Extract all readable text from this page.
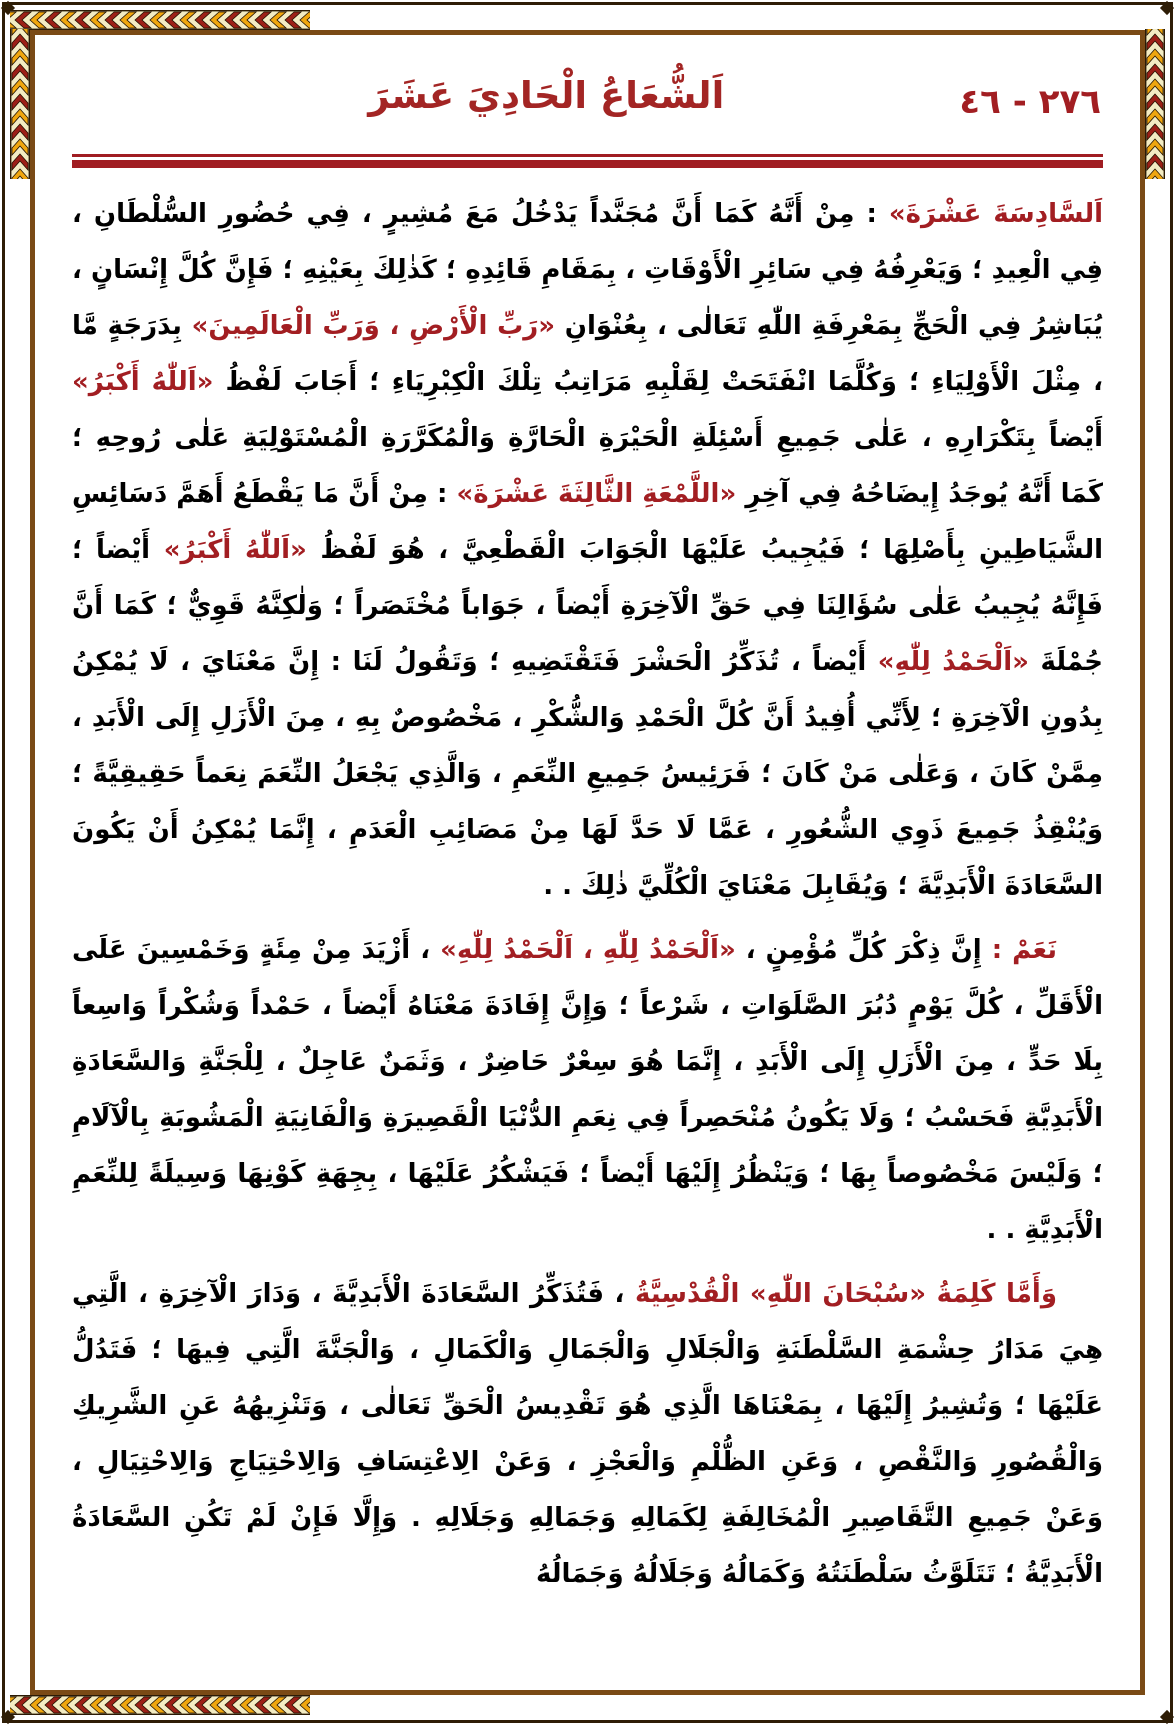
٢٧٦ - ٤٦
اَلشُّعَاعُ الْحَادِيَ عَشَرَ

اَلسَّادِسَةَ عَشْرَةَ» : مِنْ أَنَّهُ كَمَا أَنَّ مُجَنَّداً يَدْخُلُ مَعَ مُشِيرٍ ، فِي حُضُورِ السُّلْطَانِ ، فِي الْعِيدِ ؛ وَيَعْرِفُهُ فِي سَائِرِ الْأَوْقَاتِ ، بِمَقَامِ قَائِدِهِ ؛ كَذٰلِكَ بِعَيْنِهِ ؛ فَإِنَّ كُلَّ إِنْسَانٍ ، يُبَاشِرُ فِي الْحَجِّ بِمَعْرِفَةِ اللّٰهِ تَعَالٰى ، بِعُنْوَانِ «رَبِّ الْأَرْضِ ، وَرَبِّ الْعَالَمِينَ» بِدَرَجَةٍ مَّا ، مِثْلَ الْأَوْلِيَاءِ ؛ وَكُلَّمَا انْفَتَحَتْ لِقَلْبِهِ مَرَاتِبُ تِلْكَ الْكِبْرِيَاءِ ؛ أَجَابَ لَفْظُ «اَللّٰهُ أَكْبَرُ» أَيْضاً بِتَكْرَارِهِ ، عَلٰى جَمِيعِ أَسْئِلَةِ الْحَيْرَةِ الْحَارَّةِ وَالْمُكَرَّرَةِ الْمُسْتَوْلِيَةِ عَلٰى رُوحِهِ ؛ كَمَا أَنَّهُ يُوجَدُ إِيضَاحُهُ فِي آخِرِ «اللَّمْعَةِ الثَّالِثَةَ عَشْرَةَ» : مِنْ أَنَّ مَا يَقْطَعُ أَهَمَّ دَسَائِسِ الشَّيَاطِينِ بِأَصْلِهَا ؛ فَيُجِيبُ عَلَيْهَا الْجَوَابَ الْقَطْعِيَّ ، هُوَ لَفْظُ «اَللّٰهُ أَكْبَرُ» أَيْضاً ؛ فَإِنَّهُ يُجِيبُ عَلٰى سُؤَالِنَا فِي حَقِّ الْآخِرَةِ أَيْضاً ، جَوَاباً مُخْتَصَراً ؛ وَلٰكِنَّهُ قَوِيٌّ ؛ كَمَا أَنَّ جُمْلَةَ «اَلْحَمْدُ لِلّٰهِ» أَيْضاً ، تُذَكِّرُ الْحَشْرَ فَتَقْتَضِيهِ ؛ وَتَقُولُ لَنَا : إِنَّ مَعْنَايَ ، لَا يُمْكِنُ بِدُونِ الْآخِرَةِ ؛ لِأَنِّي أُفِيدُ أَنَّ كُلَّ الْحَمْدِ وَالشُّكْرِ ، مَخْصُوصٌ بِهِ ، مِنَ الْأَزَلِ إِلَى الْأَبَدِ ، مِمَّنْ كَانَ ، وَعَلٰى مَنْ كَانَ ؛ فَرَئِيسُ جَمِيعِ النِّعَمِ ، وَالَّذِي يَجْعَلُ النِّعَمَ نِعَماً حَقِيقِيَّةً ؛ وَيُنْقِذُ جَمِيعَ ذَوِي الشُّعُورِ ، عَمَّا لَا حَدَّ لَهَا مِنْ مَصَائِبِ الْعَدَمِ ، إِنَّمَا يُمْكِنُ أَنْ يَكُونَ السَّعَادَةَ الْأَبَدِيَّةَ ؛ وَيُقَابِلَ مَعْنَايَ الْكُلِّيَّ ذٰلِكَ . .

نَعَمْ : إِنَّ ذِكْرَ كُلِّ مُؤْمِنٍ ، «اَلْحَمْدُ لِلّٰهِ ، اَلْحَمْدُ لِلّٰهِ» ، أَزْيَدَ مِنْ مِئَةٍ وَخَمْسِينَ عَلَى الْأَقَلِّ ، كُلَّ يَوْمٍ دُبُرَ الصَّلَوَاتِ ، شَرْعاً ؛ وَإِنَّ إِفَادَةَ مَعْنَاهُ أَيْضاً ، حَمْداً وَشُكْراً وَاسِعاً بِلَا حَدٍّ ، مِنَ الْأَزَلِ إِلَى الْأَبَدِ ، إِنَّمَا هُوَ سِعْرٌ حَاضِرٌ ، وَثَمَنٌ عَاجِلٌ ، لِلْجَنَّةِ وَالسَّعَادَةِ الْأَبَدِيَّةِ فَحَسْبُ ؛ وَلَا يَكُونُ مُنْحَصِراً فِي نِعَمِ الدُّنْيَا الْقَصِيرَةِ وَالْفَانِيَةِ الْمَشُوبَةِ بِالْآلَامِ ؛ وَلَيْسَ مَخْصُوصاً بِهَا ؛ وَيَنْظُرُ إِلَيْهَا أَيْضاً ؛ فَيَشْكُرُ عَلَيْهَا ، بِجِهَةِ كَوْنِهَا وَسِيلَةً لِلنِّعَمِ الْأَبَدِيَّةِ . .

وَأَمَّا كَلِمَةُ «سُبْحَانَ اللّٰهِ» الْقُدْسِيَّةُ ، فَتُذَكِّرُ السَّعَادَةَ الْأَبَدِيَّةَ ، وَدَارَ الْآخِرَةِ ، الَّتِي هِيَ مَدَارُ حِشْمَةِ السَّلْطَنَةِ وَالْجَلَالِ وَالْجَمَالِ وَالْكَمَالِ ، وَالْجَنَّةَ الَّتِي فِيهَا ؛ فَتَدُلُّ عَلَيْهَا ؛ وَتُشِيرُ إِلَيْهَا ، بِمَعْنَاهَا الَّذِي هُوَ تَقْدِيسُ الْحَقِّ تَعَالٰى ، وَتَنْزِيهُهُ عَنِ الشَّرِيكِ وَالْقُصُورِ وَالنَّقْصِ ، وَعَنِ الظُّلْمِ وَالْعَجْزِ ، وَعَنْ الِاعْتِسَافِ وَالِاحْتِيَاجِ وَالِاحْتِيَالِ ، وَعَنْ جَمِيعِ التَّقَاصِيرِ الْمُخَالِفَةِ لِكَمَالِهِ وَجَمَالِهِ وَجَلَالِهِ . وَإِلَّا فَإِنْ لَمْ تَكُنِ السَّعَادَةُ الْأَبَدِيَّةُ ؛ تَتَلَوَّثُ سَلْطَنَتُهُ وَكَمَالُهُ وَجَلَالُهُ وَجَمَالُهُ
